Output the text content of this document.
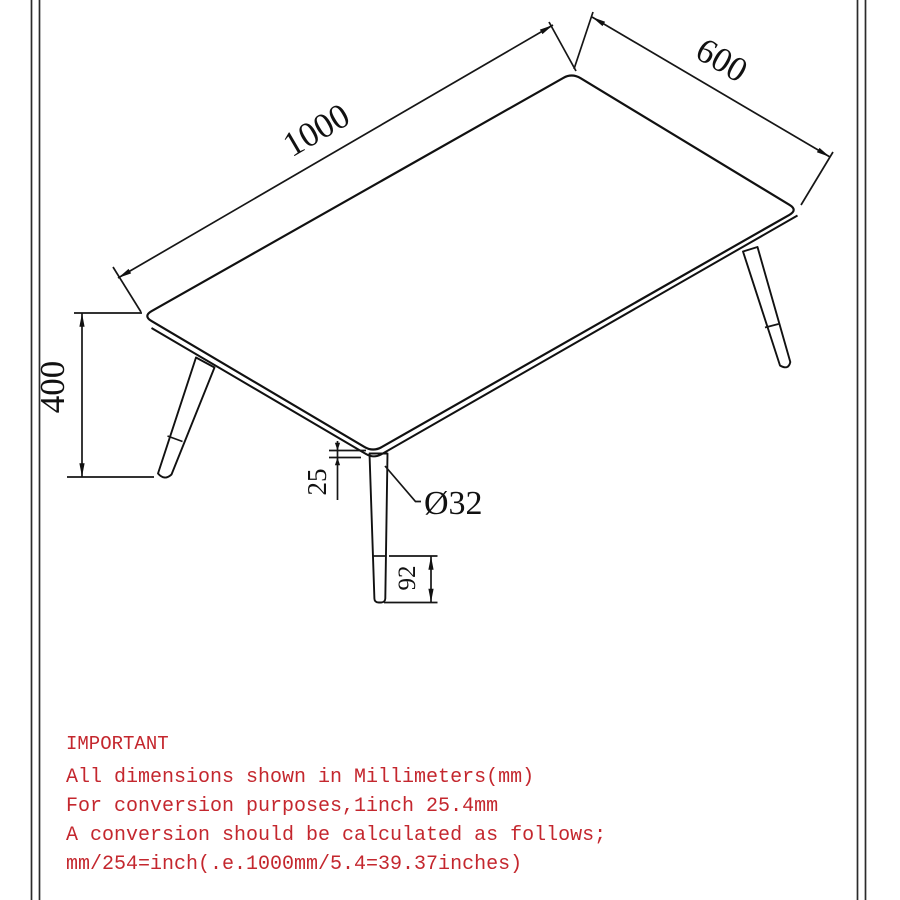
1000
600
400
25
Ø32
92
IMPORTANT
All dimensions shown in Millimeters(mm)
For conversion purposes,1inch 25.4mm
A conversion should be calculated as follows;
mm/254=inch(.e.1000mm/5.4=39.37inches)
